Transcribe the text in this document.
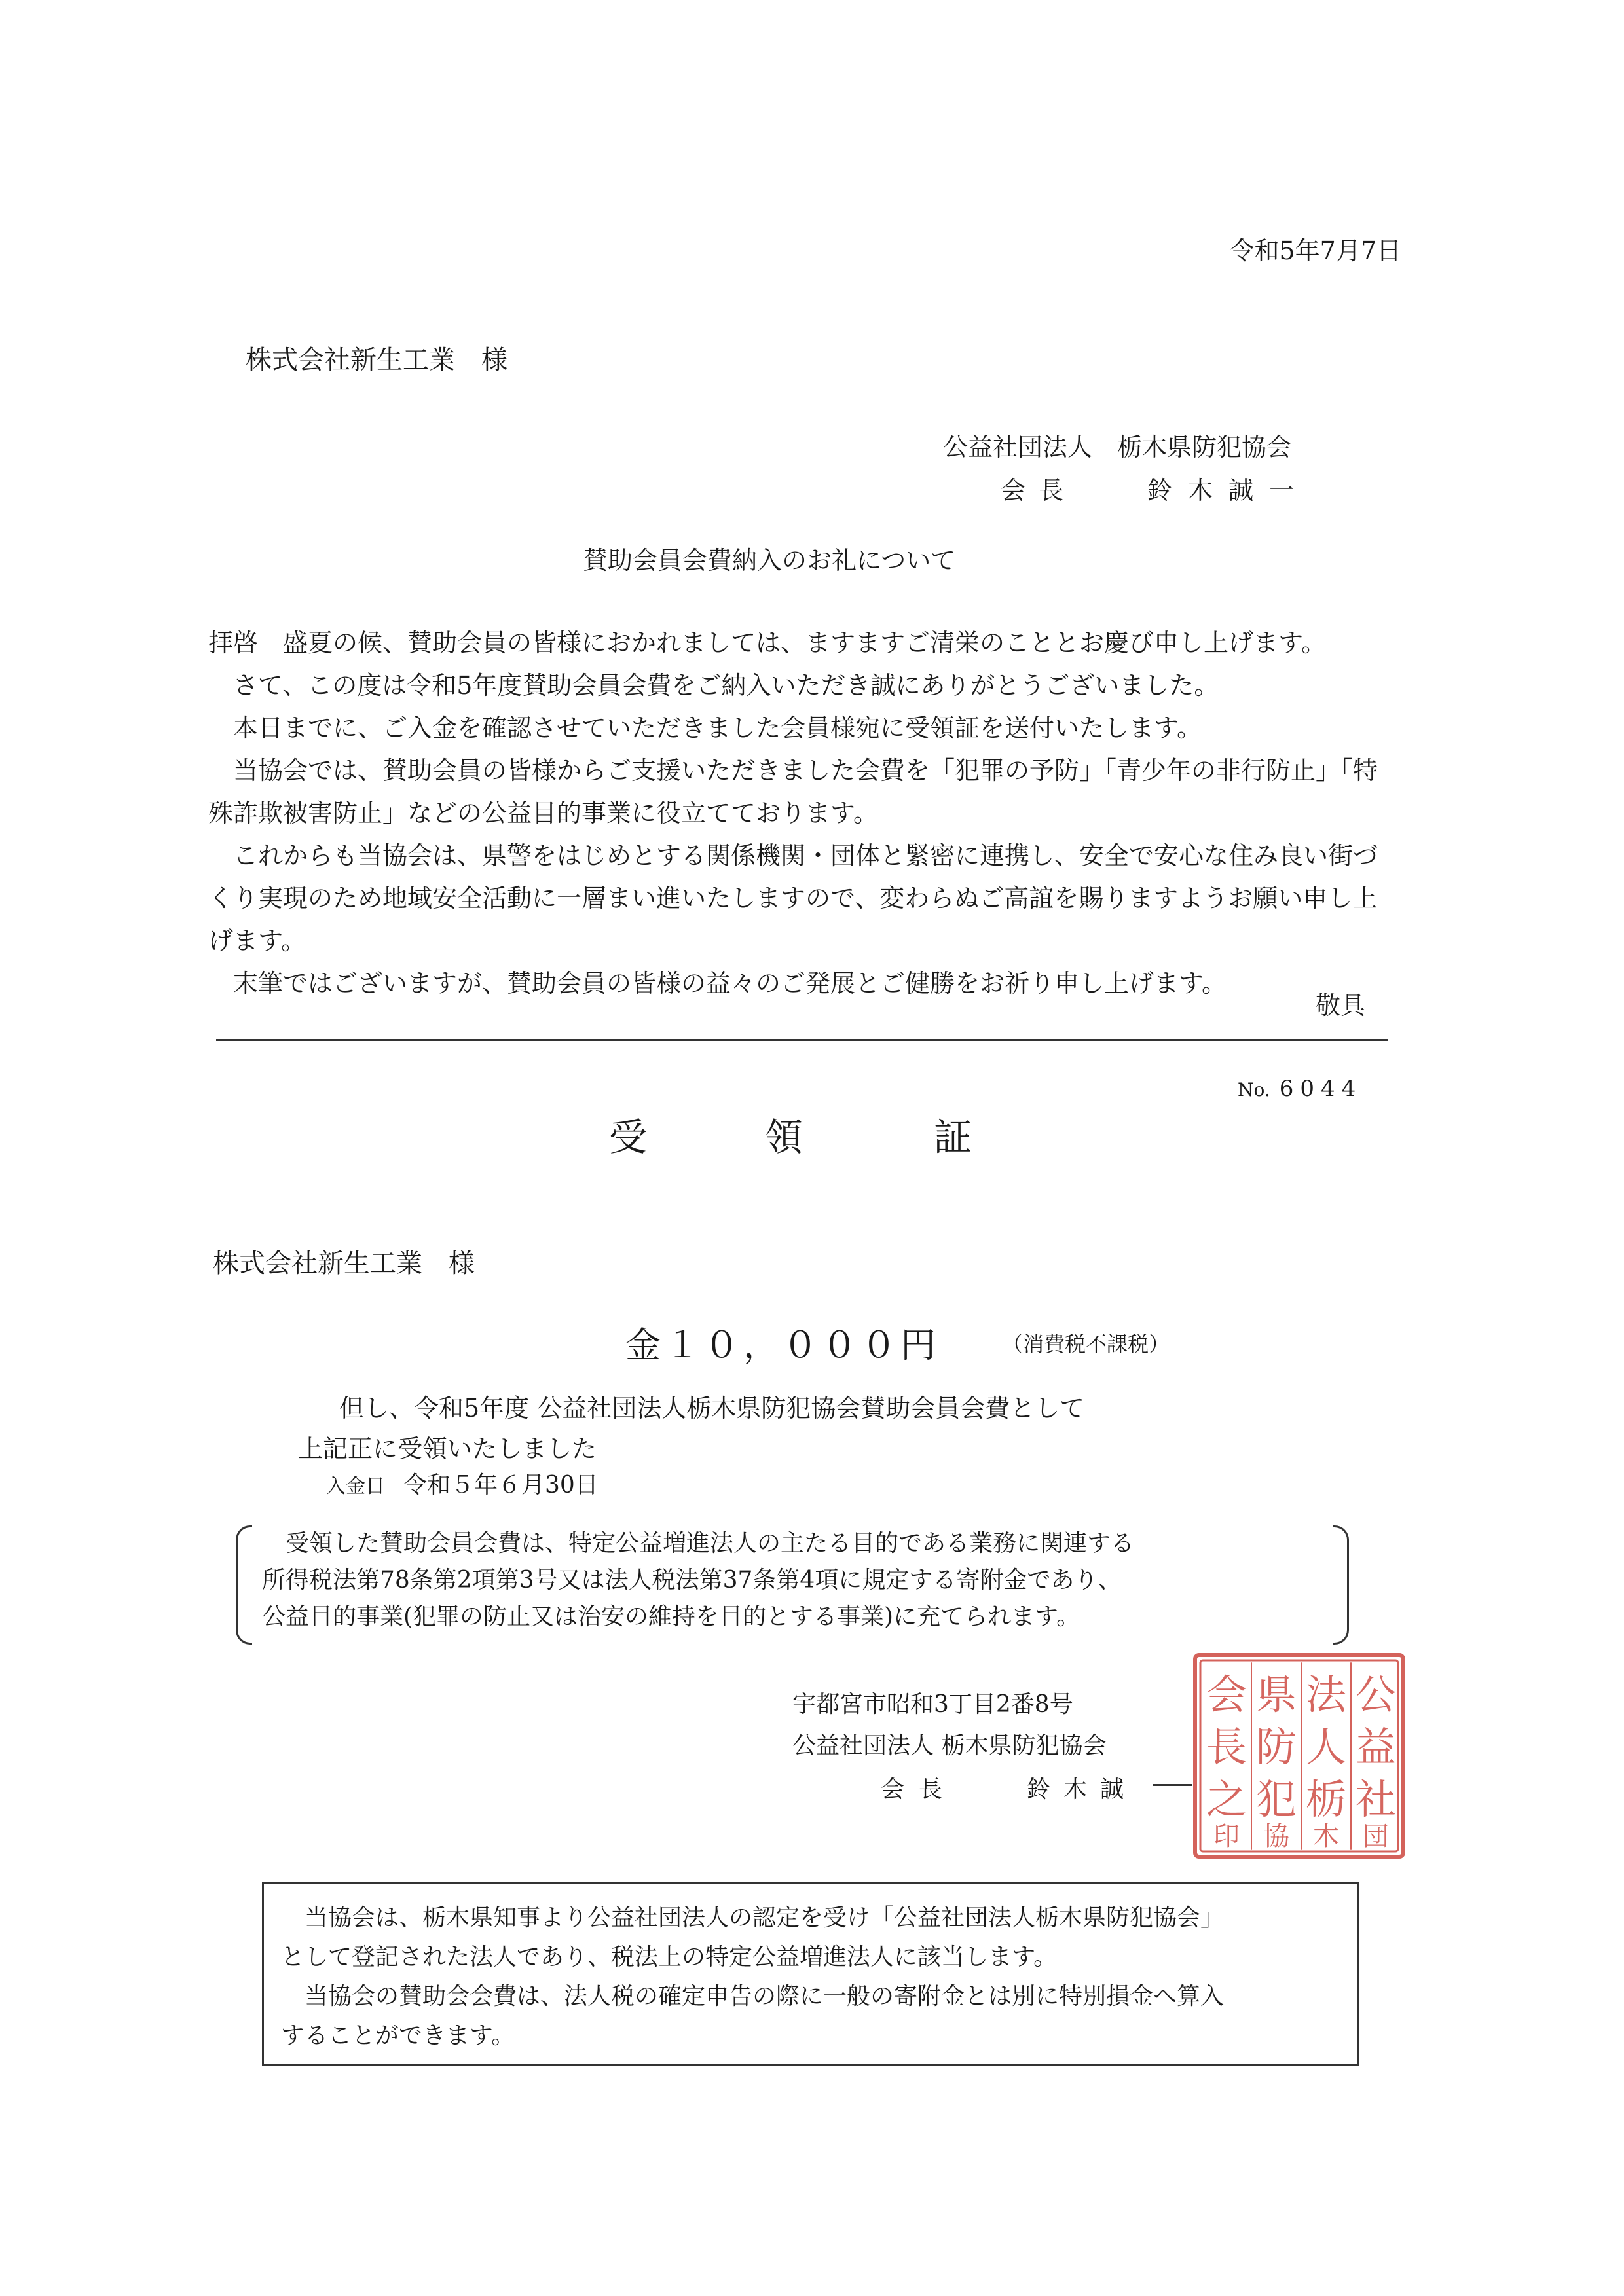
令和5年7月7日
株式会社新生工業　様
公益社団法人　栃木県防犯協会
会長	鈴木誠一
賛助会員会費納入のお礼について

拝啓　盛夏の候、賛助会員の皆様におかれましては、ますますご清栄のこととお慶び申し上げます。

　さて、この度は令和5年度賛助会員会費をご納入いただき誠にありがとうございました。

　本日までに、ご入金を確認させていただきました会員様宛に受領証を送付いたします。

　当協会では、賛助会員の皆様からご支援いただきました会費を「犯罪の予防」「青少年の非行防止」「特殊詐欺被害防止」などの公益目的事業に役立てております。

　これからも当協会は、県警をはじめとする関係機関・団体と緊密に連携し、安全で安心な住み良い街づくり実現のため地域安全活動に一層まい進いたしますので、変わらぬご高誼を賜りますようお願い申し上げます。

　末筆ではございますが、賛助会員の皆様の益々のご発展とご健勝をお祈り申し上げます。

敬具
No. 6044
受	領	証
株式会社新生工業　様
金１０，０００円	（消費税不課税）
但し、令和5年度 公益社団法人栃木県防犯協会賛助会員会費として
上記正に受領いたしました
入金日 令和５年６月30日
受領した賛助会員会費は、特定公益増進法人の主たる目的である業務に関連する
所得税法第78条第2項第3号又は法人税法第37条第4項に規定する寄附金であり、
公益目的事業(犯罪の防止又は治安の維持を目的とする事業)に充てられます。
宇都宮市昭和3丁目2番8号
公益社団法人 栃木県防犯協会
会長	鈴木誠
公
益
社
団
法
人
栃
木
県
防
犯
協
会
長
之
印
当協会は、栃木県知事より公益社団法人の認定を受け「公益社団法人栃木県防犯協会」
として登記された法人であり、税法上の特定公益増進法人に該当します。
　当協会の賛助会会費は、法人税の確定申告の際に一般の寄附金とは別に特別損金へ算入
することができます。
